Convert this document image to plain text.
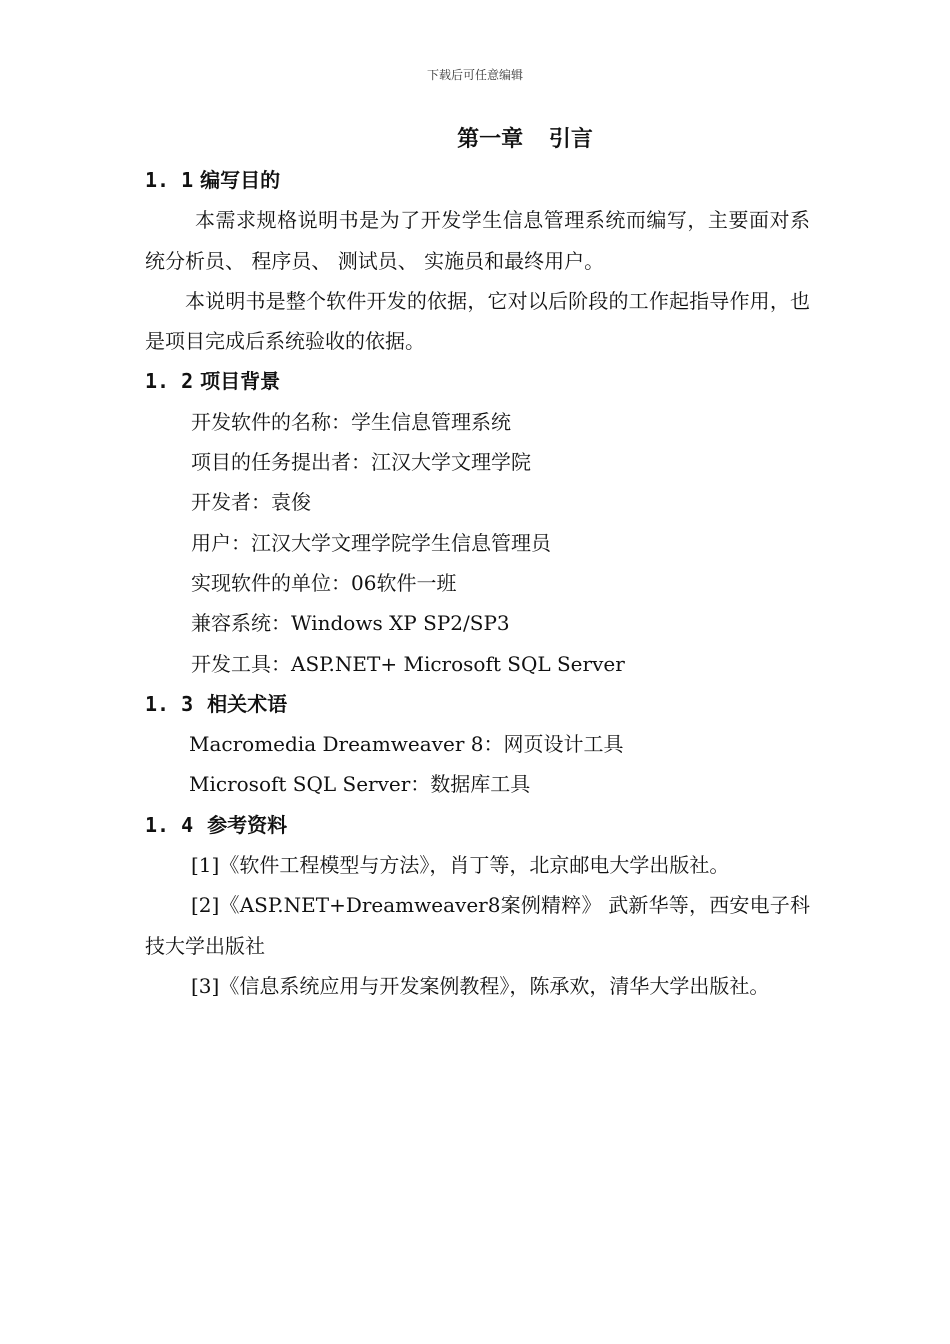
下载后可任意编辑
第一章 引言
1. 1 编写目的
本需求规格说明书是为了开发学生信息管理系统而编写，主要面对系统分析员、 程序员、 测试员、 实施员和最终用户。
本说明书是整个软件开发的依据，它对以后阶段的工作起指导作用，也是项目完成后系统验收的依据。
1. 2 项目背景
开发软件的名称：学生信息管理系统
项目的任务提出者：江汉大学文理学院
开发者：袁俊
用户：江汉大学文理学院学生信息管理员
实现软件的单位：06软件一班
兼容系统：Windows XP SP2/SP3
开发工具：ASP.NET+ Microsoft SQL Server
1. 3 相关术语
Macromedia Dreamweaver 8：网页设计工具
Microsoft SQL Server：数据库工具
1. 4 参考资料
[1]《软件工程模型与方法》，肖丁等，北京邮电大学出版社。
[2]《ASP.NET+Dreamweaver8案例精粹》 武新华等，西安电子科技大学出版社
[3]《信息系统应用与开发案例教程》，陈承欢，清华大学出版社。
